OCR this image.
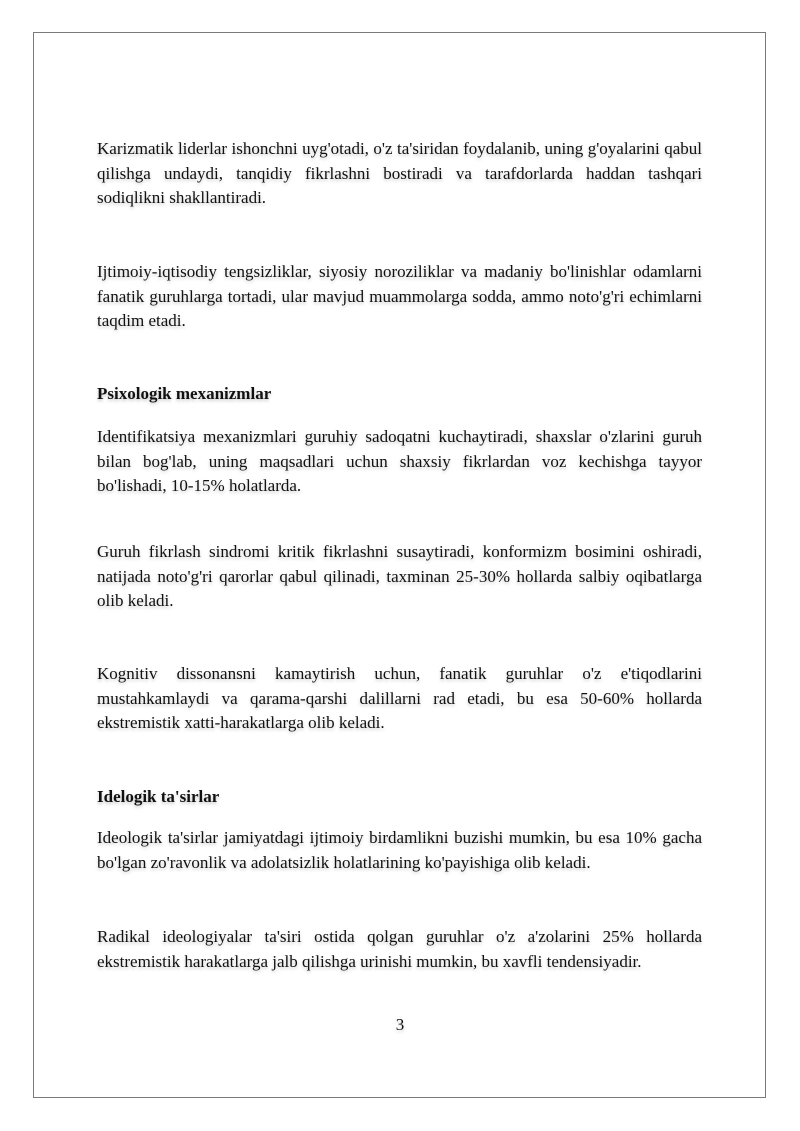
Karizmatik liderlar ishonchni uyg'otadi, o'z ta'siridan foydalanib, uning g'oyalarini qabul qilishga undaydi, tanqidiy fikrlashni bostiradi va tarafdorlarda haddan tashqari sodiqlikni shakllantiradi.

Ijtimoiy-iqtisodiy tengsizliklar, siyosiy noroziliklar va madaniy bo'linishlar odamlarni fanatik guruhlarga tortadi, ular mavjud muammolarga sodda, ammo noto'g'ri echimlarni taqdim etadi.

Psixologik mexanizmlar

Identifikatsiya mexanizmlari guruhiy sadoqatni kuchaytiradi, shaxslar o'zlarini guruh bilan bog'lab, uning maqsadlari uchun shaxsiy fikrlardan voz kechishga tayyor bo'lishadi, 10-15% holatlarda.

Guruh fikrlash sindromi kritik fikrlashni susaytiradi, konformizm bosimini oshiradi, natijada noto'g'ri qarorlar qabul qilinadi, taxminan 25-30% hollarda salbiy oqibatlarga olib keladi.

Kognitiv dissonansni kamaytirish uchun, fanatik guruhlar o'z e'tiqodlarini mustahkamlaydi va qarama-qarshi dalillarni rad etadi, bu esa 50-60% hollarda ekstremistik xatti-harakatlarga olib keladi.

Idelogik ta'sirlar

Ideologik ta'sirlar jamiyatdagi ijtimoiy birdamlikni buzishi mumkin, bu esa 10% gacha bo'lgan zo'ravonlik va adolatsizlik holatlarining ko'payishiga olib keladi.

Radikal ideologiyalar ta'siri ostida qolgan guruhlar o'z a'zolarini 25% hollarda ekstremistik harakatlarga jalb qilishga urinishi mumkin, bu xavfli tendensiyadir.

3
